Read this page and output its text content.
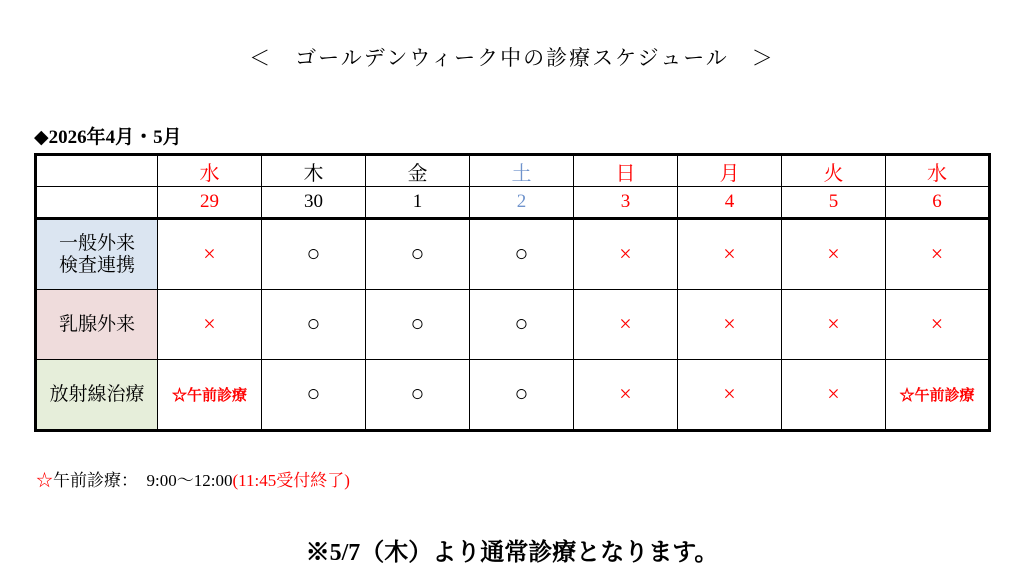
＜　ゴールデンウィーク中の診療スケジュール　＞
◆2026年4月・5月
	水	木	金	土	日	月	火	水
	29	30	1	2	3	4	5	6

一般外来
検査連携	×	○	○	○	×	×	×	×

乳腺外来	×	○	○	○	×	×	×	×

放射線治療	☆午前診療	○	○	○	×	×	×	☆午前診療
☆午前診療：　9:00〜12:00(11:45受付終了)
※5/7（木）より通常診療となります。
